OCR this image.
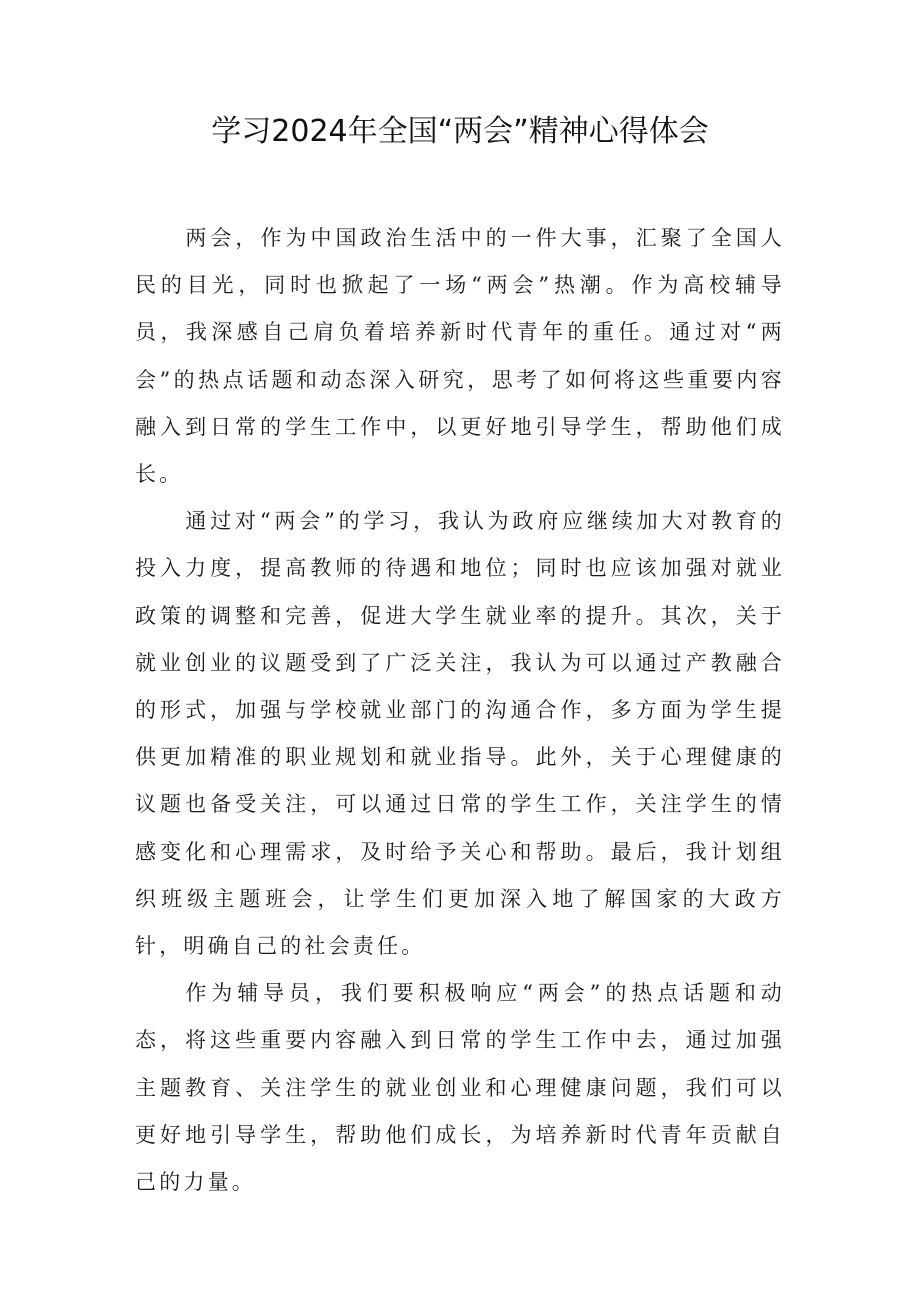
学习2024年全国“两会”精神心得体会

两会，作为中国政治生活中的一件大事，汇聚了全国人民的目光，同时也掀起了一场“两会”热潮。作为高校辅导员，我深感自己肩负着培养新时代青年的重任。通过对“两会”的热点话题和动态深入研究，思考了如何将这些重要内容融入到日常的学生工作中，以更好地引导学生，帮助他们成长。

通过对“两会”的学习，我认为政府应继续加大对教育的投入力度，提高教师的待遇和地位；同时也应该加强对就业政策的调整和完善，促进大学生就业率的提升。其次，关于就业创业的议题受到了广泛关注，我认为可以通过产教融合的形式，加强与学校就业部门的沟通合作，多方面为学生提供更加精准的职业规划和就业指导。此外，关于心理健康的议题也备受关注，可以通过日常的学生工作，关注学生的情感变化和心理需求，及时给予关心和帮助。最后，我计划组织班级主题班会，让学生们更加深入地了解国家的大政方针，明确自己的社会责任。

作为辅导员，我们要积极响应“两会”的热点话题和动态，将这些重要内容融入到日常的学生工作中去，通过加强主题教育、关注学生的就业创业和心理健康问题，我们可以更好地引导学生，帮助他们成长，为培养新时代青年贡献自己的力量。
